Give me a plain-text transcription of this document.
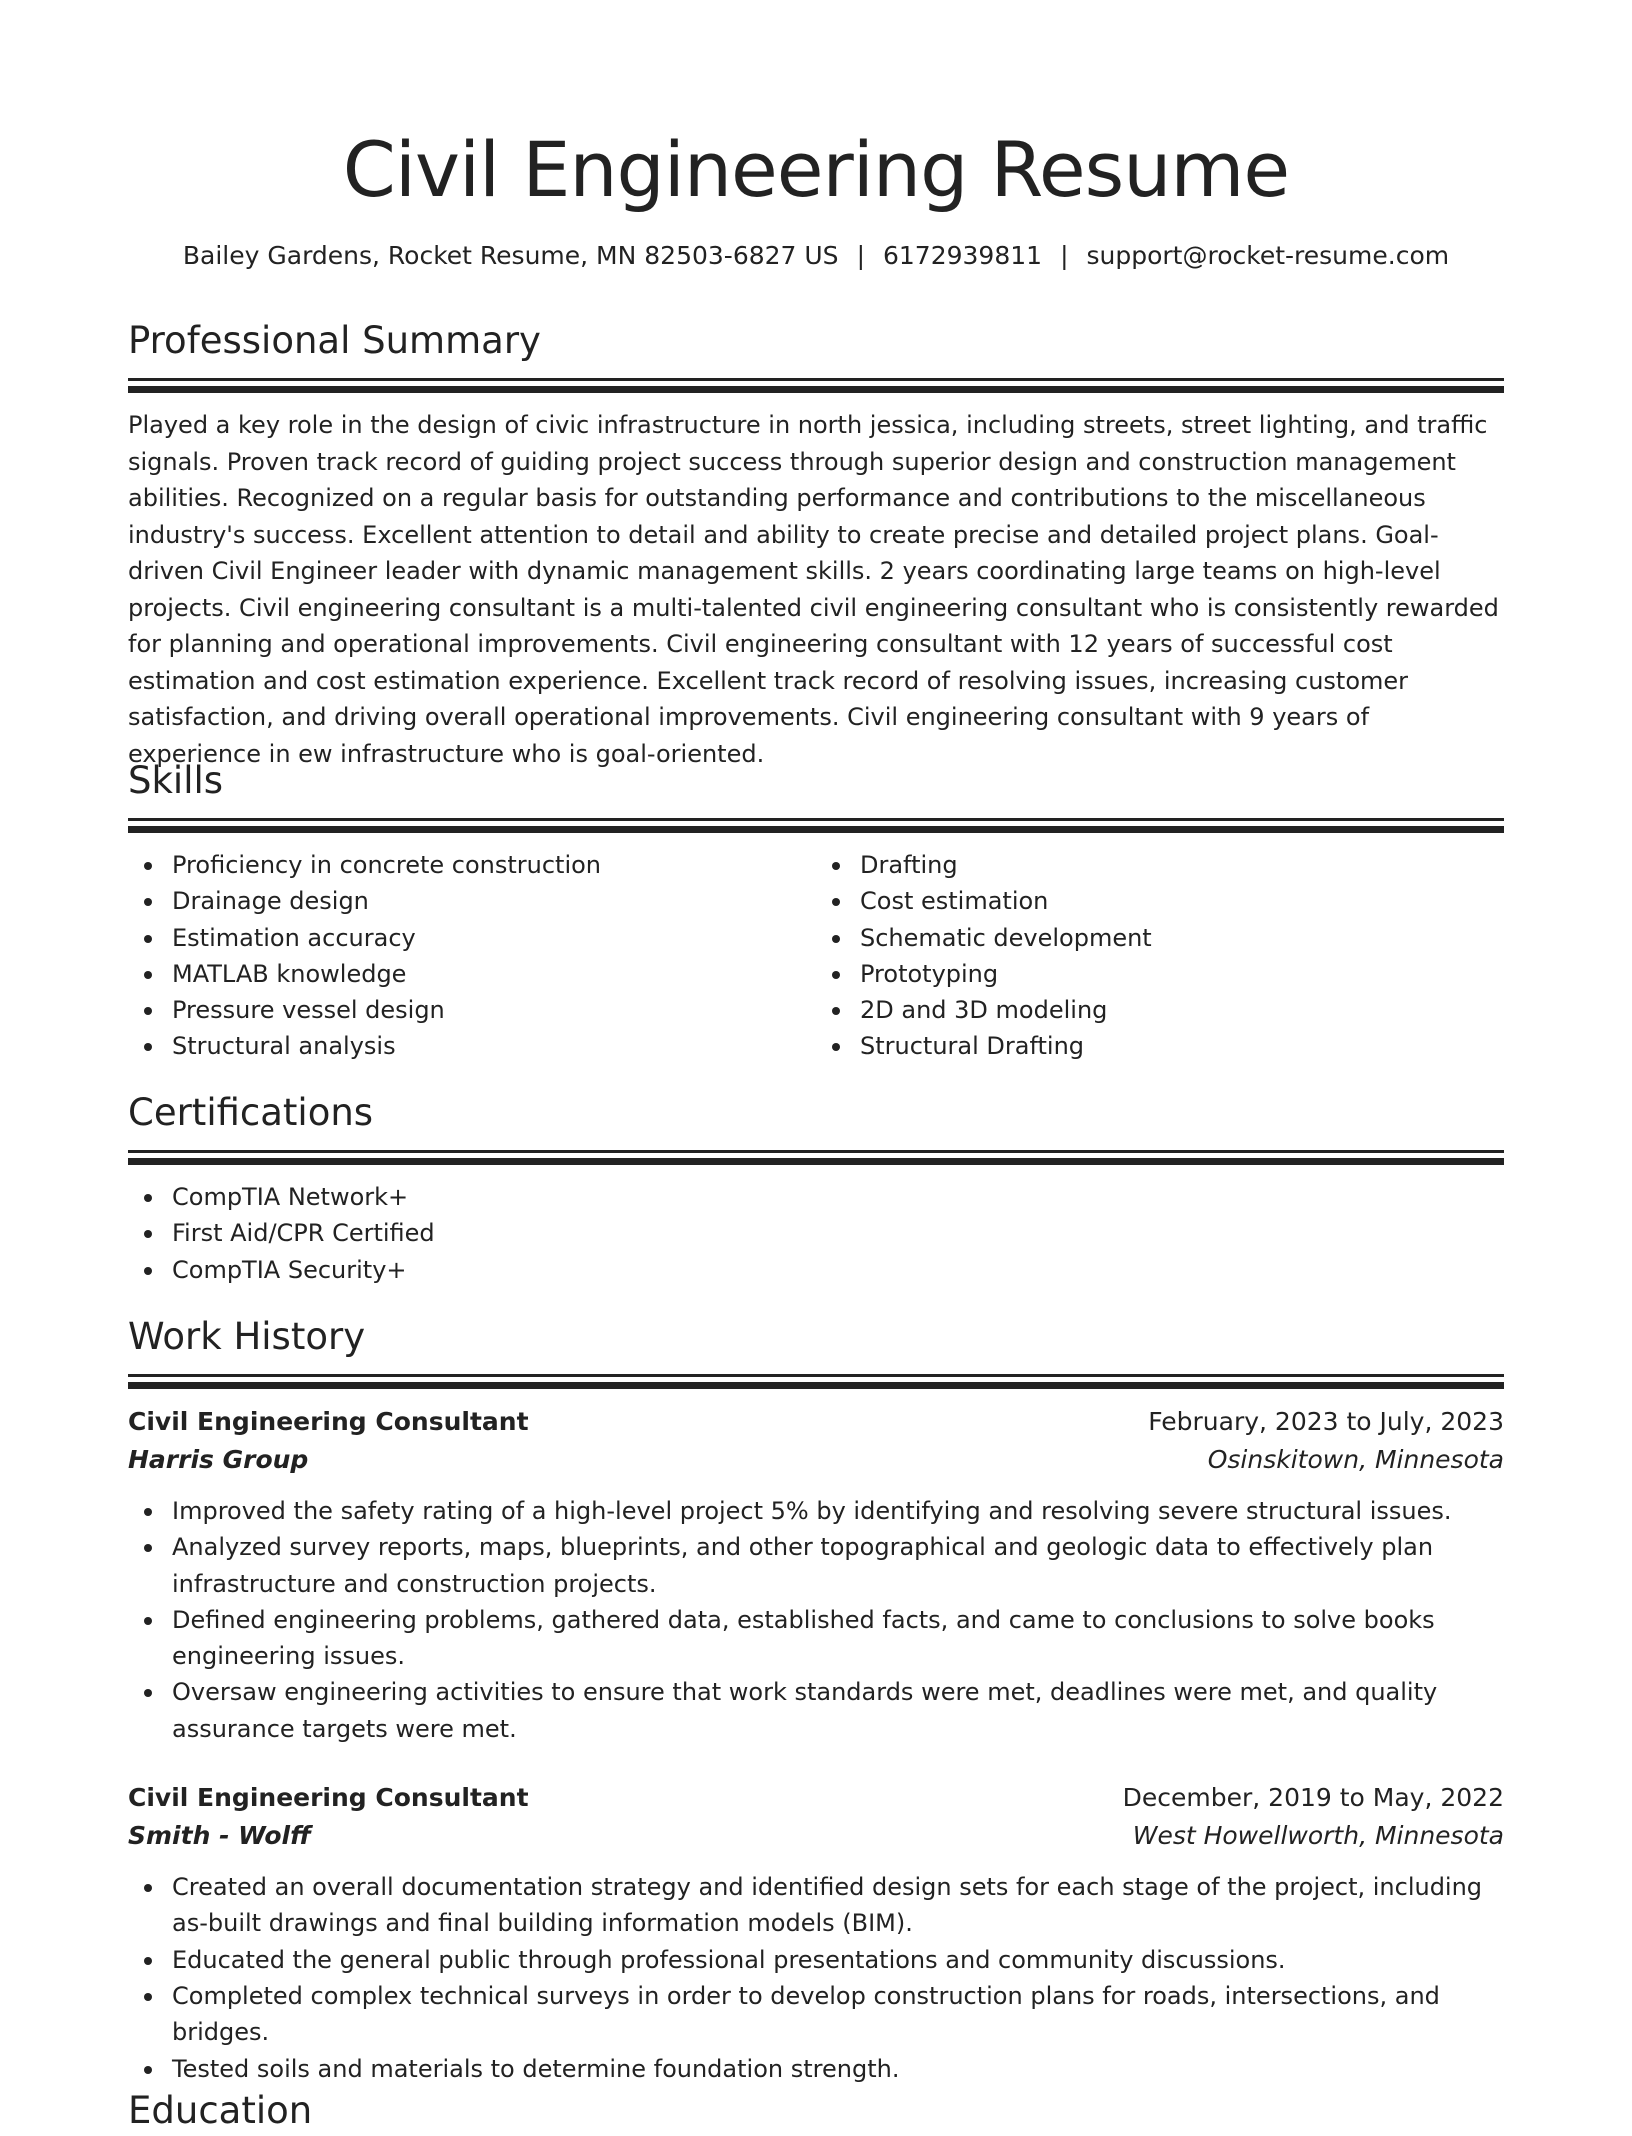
Civil Engineering Resume
Bailey Gardens, Rocket Resume, MN 82503-6827 US | 6172939811 | support@rocket-resume.com
Professional Summary

Played a key role in the design of civic infrastructure in north jessica, including streets, street lighting, and traffic signals. Proven track record of guiding project success through superior design and construction management abilities. Recognized on a regular basis for outstanding performance and contributions to the miscellaneous industry's success. Excellent attention to detail and ability to create precise and detailed project plans. Goal-driven Civil Engineer leader with dynamic management skills. 2 years coordinating large teams on high-level projects. Civil engineering consultant is a multi-talented civil engineering consultant who is consistently rewarded for planning and operational improvements. Civil engineering consultant with 12 years of successful cost estimation and cost estimation experience. Excellent track record of resolving issues, increasing customer satisfaction, and driving overall operational improvements. Civil engineering consultant with 9 years of experience in ew infrastructure who is goal-oriented.

Skills
Proficiency in concrete construction
Drainage design
Estimation accuracy
MATLAB knowledge
Pressure vessel design
Structural analysis
Drafting
Cost estimation
Schematic development
Prototyping
2D and 3D modeling
Structural Drafting
Certifications
CompTIA Network+
First Aid/CPR Certified
CompTIA Security+
Work History
Civil Engineering Consultant	February, 2023 to July, 2023
Harris Group	Osinskitown, Minnesota
Improved the safety rating of a high-level project 5% by identifying and resolving severe structural issues.
Analyzed survey reports, maps, blueprints, and other topographical and geologic data to effectively plan infrastructure and construction projects.
Defined engineering problems, gathered data, established facts, and came to conclusions to solve books engineering issues.
Oversaw engineering activities to ensure that work standards were met, deadlines were met, and quality assurance targets were met.
Civil Engineering Consultant	December, 2019 to May, 2022
Smith - Wolff	West Howellworth, Minnesota
Created an overall documentation strategy and identified design sets for each stage of the project, including as-built drawings and final building information models (BIM).
Educated the general public through professional presentations and community discussions.
Completed complex technical surveys in order to develop construction plans for roads, intersections, and bridges.
Tested soils and materials to determine foundation strength.
Education
